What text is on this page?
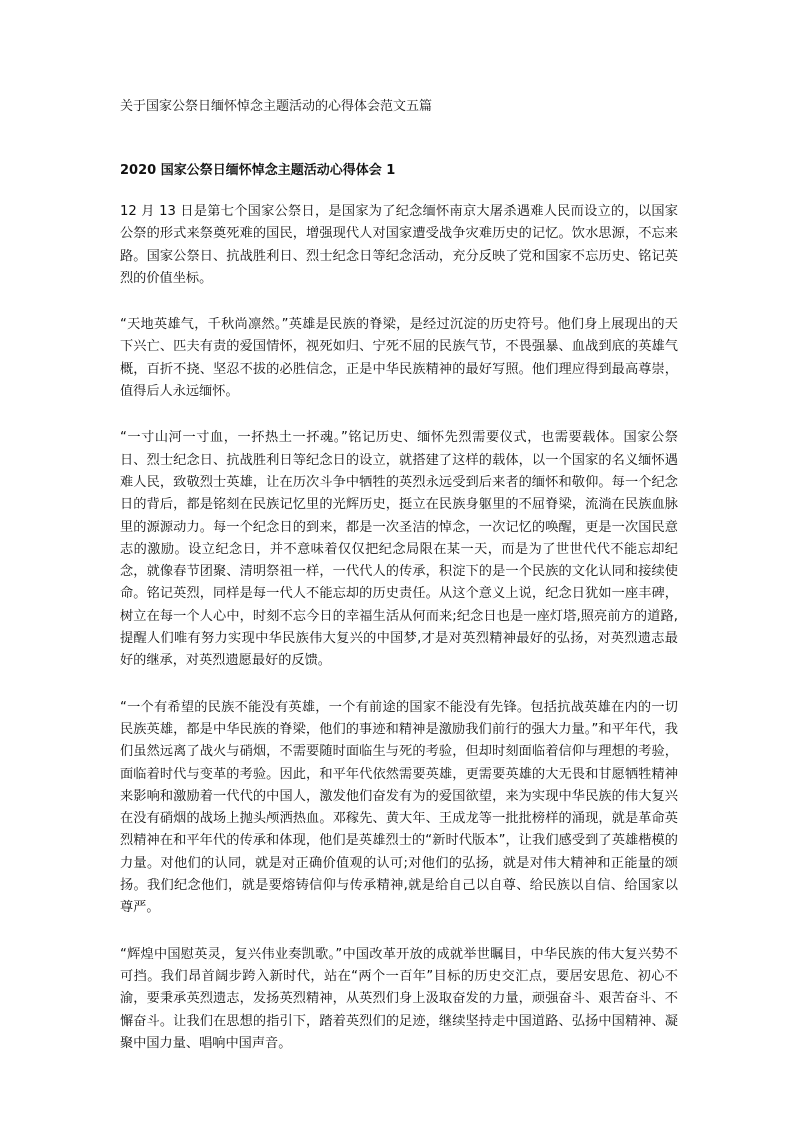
关于国家公祭日缅怀悼念主题活动的心得体会范文五篇
2020 国家公祭日缅怀悼念主题活动心得体会 1

12 月 13 日是第七个国家公祭日，是国家为了纪念缅怀南京大屠杀遇难人民而设立的，以国家公祭的形式来祭奠死难的国民，增强现代人对国家遭受战争灾难历史的记忆。饮水思源，不忘来路。国家公祭日、抗战胜利日、烈士纪念日等纪念活动，充分反映了党和国家不忘历史、铭记英烈的价值坐标。

“天地英雄气，千秋尚凛然。”英雄是民族的脊梁，是经过沉淀的历史符号。他们身上展现出的天下兴亡、匹夫有责的爱国情怀，视死如归、宁死不屈的民族气节，不畏强暴、血战到底的英雄气概，百折不挠、坚忍不拔的必胜信念，正是中华民族精神的最好写照。他们理应得到最高尊崇，值得后人永远缅怀。

“一寸山河一寸血，一抔热土一抔魂。”铭记历史、缅怀先烈需要仪式，也需要载体。国家公祭日、烈士纪念日、抗战胜利日等纪念日的设立，就搭建了这样的载体，以一个国家的名义缅怀遇难人民，致敬烈士英雄，让在历次斗争中牺牲的英烈永远受到后来者的缅怀和敬仰。每一个纪念日的背后，都是铭刻在民族记忆里的光辉历史，挺立在民族身躯里的不屈脊梁，流淌在民族血脉里的源源动力。每一个纪念日的到来，都是一次圣洁的悼念，一次记忆的唤醒，更是一次国民意志的激励。设立纪念日，并不意味着仅仅把纪念局限在某一天，而是为了世世代代不能忘却纪念，就像春节团聚、清明祭祖一样，一代代人的传承，积淀下的是一个民族的文化认同和接续使命。铭记英烈，同样是每一代人不能忘却的历史责任。从这个意义上说，纪念日犹如一座丰碑，树立在每一个人心中，时刻不忘今日的幸福生活从何而来;纪念日也是一座灯塔,照亮前方的道路,提醒人们唯有努力实现中华民族伟大复兴的中国梦,才是对英烈精神最好的弘扬，对英烈遗志最好的继承，对英烈遗愿最好的反馈。

“一个有希望的民族不能没有英雄，一个有前途的国家不能没有先锋。包括抗战英雄在内的一切民族英雄，都是中华民族的脊梁，他们的事迹和精神是激励我们前行的强大力量。”和平年代，我们虽然远离了战火与硝烟，不需要随时面临生与死的考验，但却时刻面临着信仰与理想的考验，面临着时代与变革的考验。因此，和平年代依然需要英雄，更需要英雄的大无畏和甘愿牺牲精神来影响和激励着一代代的中国人，激发他们奋发有为的爱国欲望，来为实现中华民族的伟大复兴在没有硝烟的战场上抛头颅洒热血。邓稼先、黄大年、王成龙等一批批榜样的涌现，就是革命英烈精神在和平年代的传承和体现，他们是英雄烈士的“新时代版本”，让我们感受到了英雄楷模的力量。对他们的认同，就是对正确价值观的认可;对他们的弘扬，就是对伟大精神和正能量的颂扬。我们纪念他们，就是要熔铸信仰与传承精神,就是给自己以自尊、给民族以自信、给国家以尊严。

“辉煌中国慰英灵，复兴伟业奏凯歌。”中国改革开放的成就举世瞩目，中华民族的伟大复兴势不可挡。我们昂首阔步跨入新时代，站在“两个一百年”目标的历史交汇点，要居安思危、初心不渝，要秉承英烈遗志，发扬英烈精神，从英烈们身上汲取奋发的力量，顽强奋斗、艰苦奋斗、不懈奋斗。让我们在思想的指引下，踏着英烈们的足迹，继续坚持走中国道路、弘扬中国精神、凝聚中国力量、唱响中国声音。
